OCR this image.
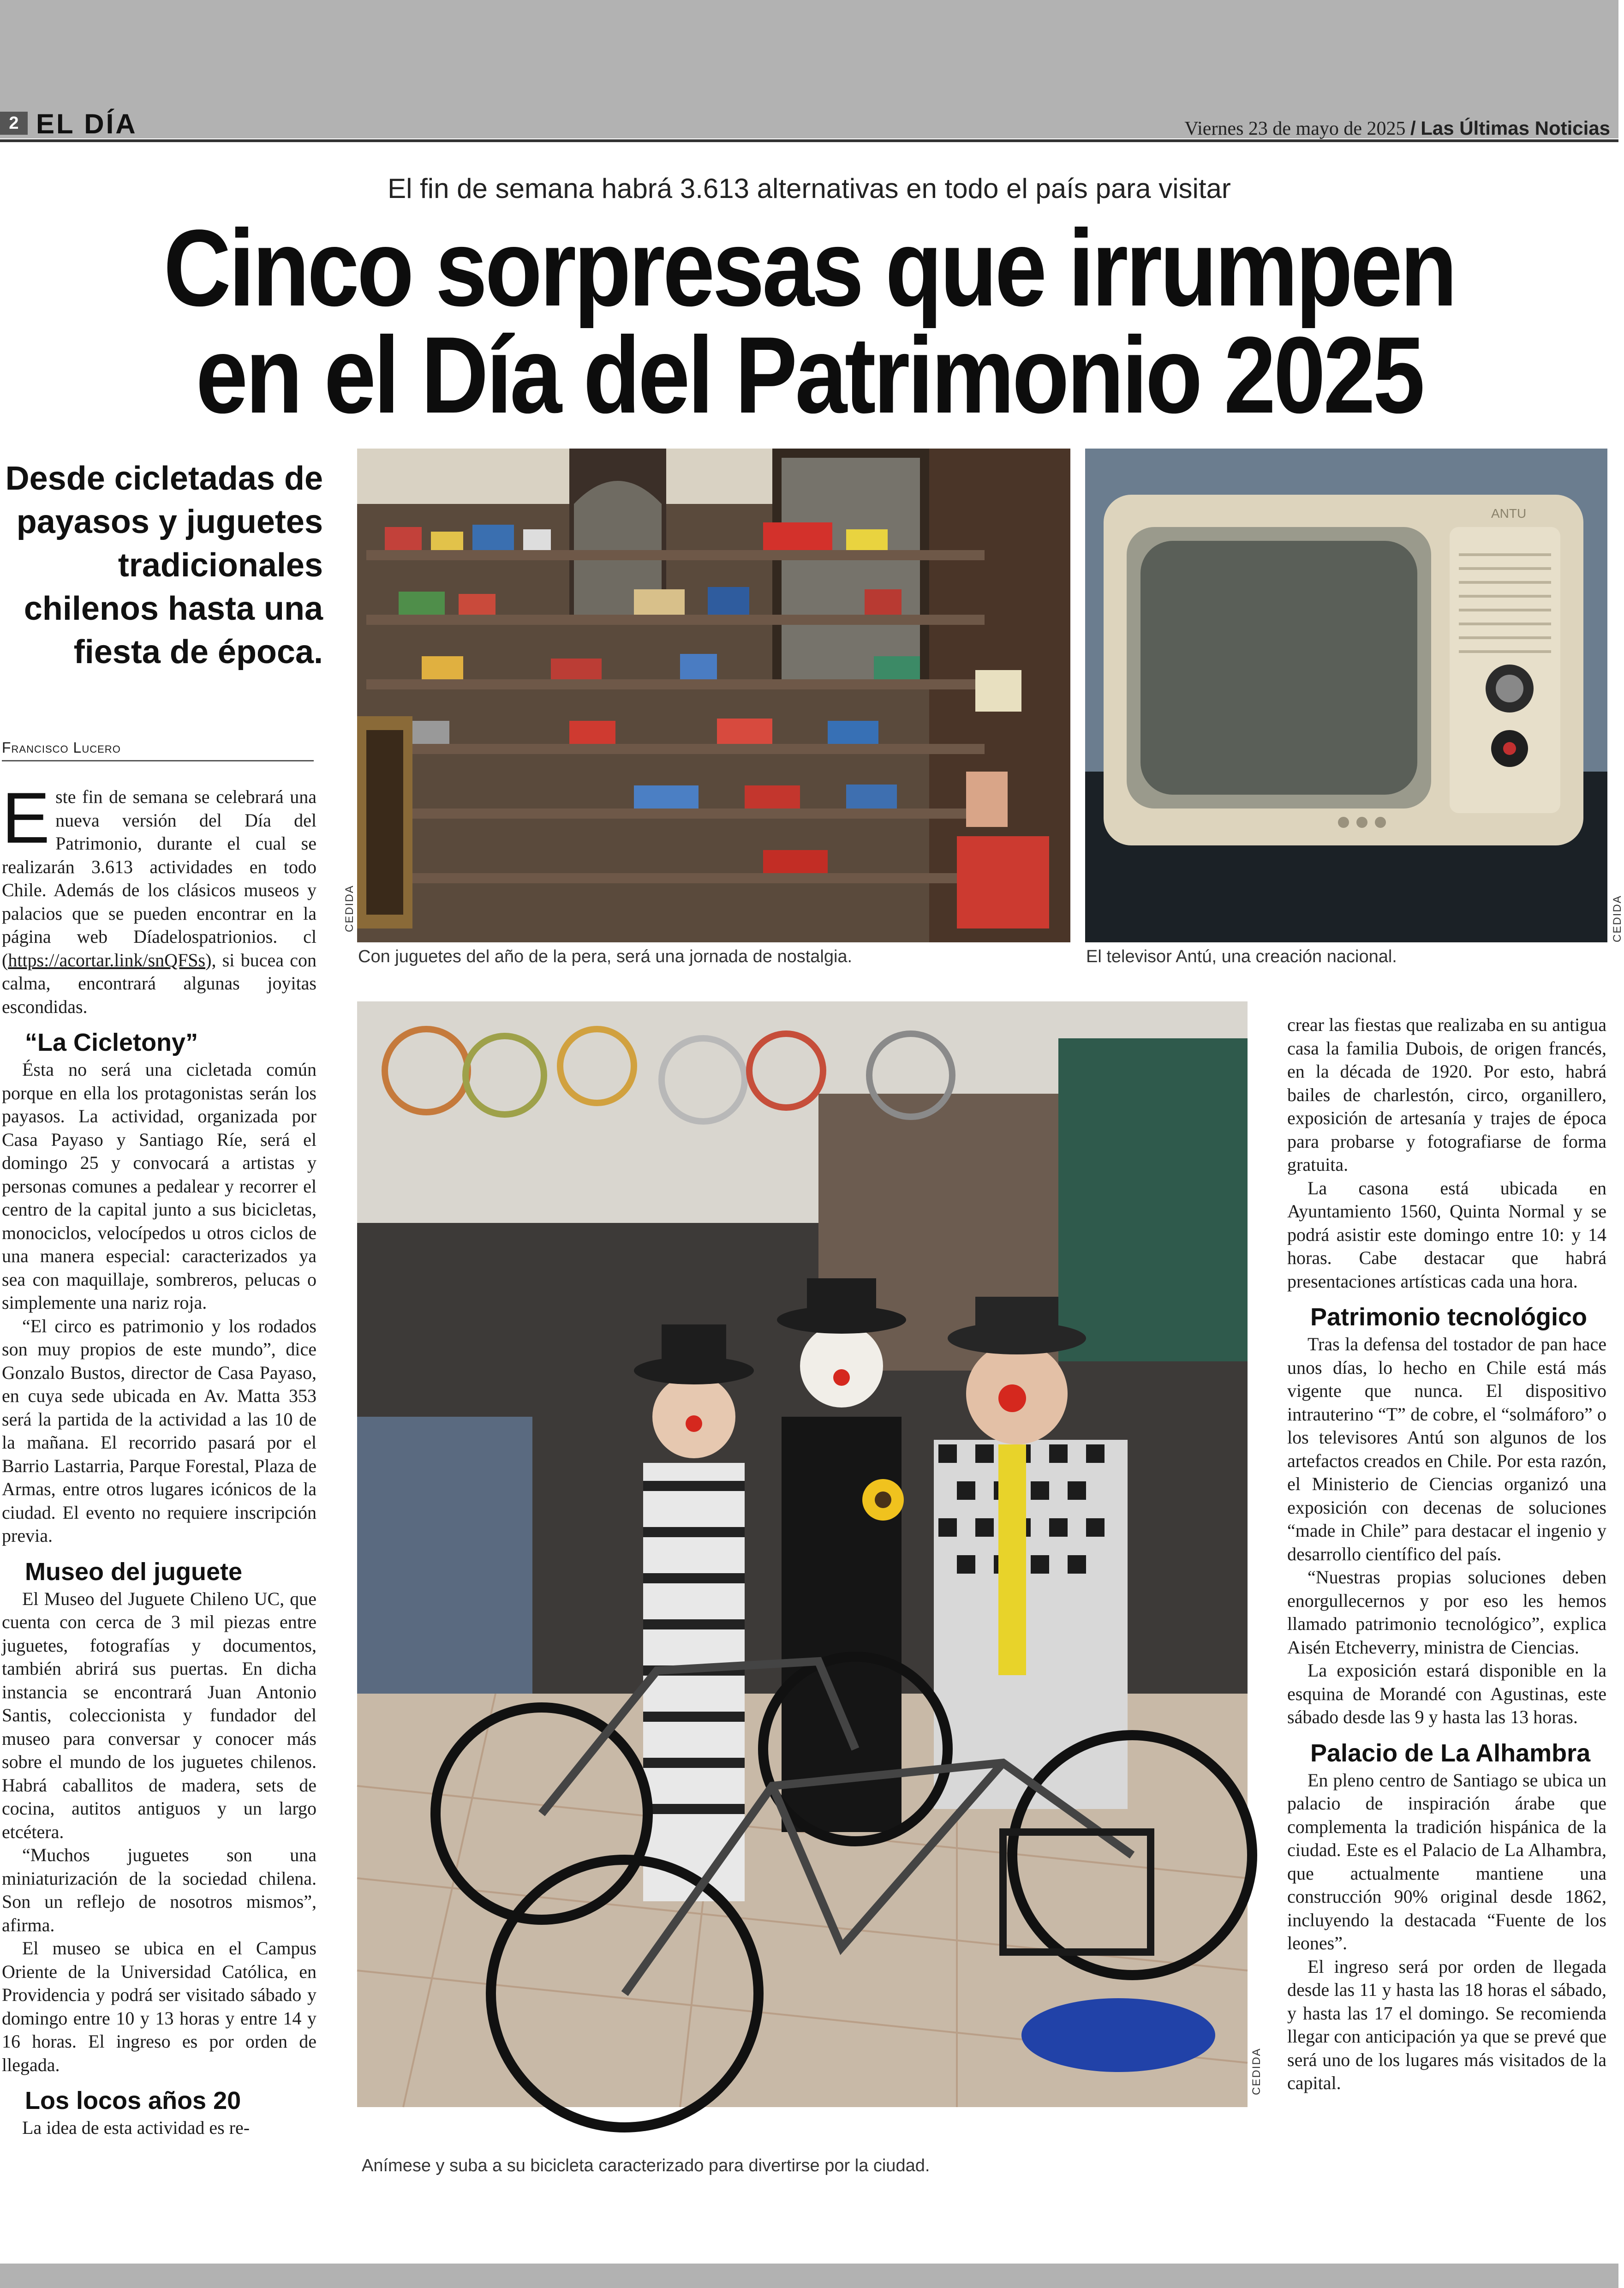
2 EL DÍA	Viernes 23 de mayo de 2025 / Las Últimas Noticias
El fin de semana habrá 3.613 alternativas en todo el país para visitar
Cinco sorpresas que irrumpen
en el Día del Patrimonio 2025
Desde cicletadas de payasos y juguetes tradicionales chilenos hasta una fiesta de época.
Francisco Lucero
CEDIDA
Con juguetes del año de la pera, será una jornada de nostalgia.
ANTU
CEDIDA
El televisor Antú, una creación nacional.
CEDIDA
Anímese y suba a su bicicleta caracterizado para divertirse por la ciudad.

Este fin de semana se celebrará una nueva versión del Día del Patrimonio, durante el cual se realizarán 3.613 actividades en todo Chile. Además de los clásicos museos y palacios que se pueden encontrar en la página web Díadelospatrionios. cl (https://acortar.link/snQFSs), si bucea con calma, encontrará algunas joyitas escondidas.

“La Cicletony”

Ésta no será una cicletada común porque en ella los protagonistas serán los payasos. La actividad, organizada por Casa Payaso y Santiago Ríe, será el domingo 25 y convocará a artistas y personas comunes a pedalear y recorrer el centro de la capital junto a sus bicicletas, monociclos, velocípedos u otros ciclos de una manera especial: caracterizados ya sea con maquillaje, sombreros, pelucas o simplemente una nariz roja.

“El circo es patrimonio y los rodados son muy propios de este mundo”, dice Gonzalo Bustos, director de Casa Payaso, en cuya sede ubicada en Av. Matta 353 será la partida de la actividad a las 10 de la mañana. El recorrido pasará por el Barrio Lastarria, Parque Forestal, Plaza de Armas, entre otros lugares icónicos de la ciudad. El evento no requiere inscripción previa.

Museo del juguete

El Museo del Juguete Chileno UC, que cuenta con cerca de 3 mil piezas entre juguetes, fotografías y documentos, también abrirá sus puertas. En dicha instancia se encontrará Juan Antonio Santis, coleccionista y fundador del museo para conversar y conocer más sobre el mundo de los juguetes chilenos. Habrá caballitos de madera, sets de cocina, autitos antiguos y un largo etcétera.

“Muchos juguetes son una miniaturización de la sociedad chilena. Son un reflejo de nosotros mismos”, afirma.

El museo se ubica en el Campus Oriente de la Universidad Católica, en Providencia y podrá ser visitado sábado y domingo entre 10 y 13 horas y entre 14 y 16 horas. El ingreso es por orden de llegada.

Los locos años 20

La idea de esta actividad es re-

crear las fiestas que realizaba en su antigua casa la familia Dubois, de origen francés, en la década de 1920. Por esto, habrá bailes de charlestón, circo, organillero, exposición de artesanía y trajes de época para probarse y fotografiarse de forma gratuita.

La casona está ubicada en Ayuntamiento 1560, Quinta Normal y se podrá asistir este domingo entre 10: y 14 horas. Cabe destacar que habrá presentaciones artísticas cada una hora.

Patrimonio tecnológico

Tras la defensa del tostador de pan hace unos días, lo hecho en Chile está más vigente que nunca. El dispositivo intrauterino “T” de cobre, el “solmáforo” o los televisores Antú son algunos de los artefactos creados en Chile. Por esta razón, el Ministerio de Ciencias organizó una exposición con decenas de soluciones “made in Chile” para destacar el ingenio y desarrollo científico del país.

“Nuestras propias soluciones deben enorgullecernos y por eso les hemos llamado patrimonio tecnológico”, explica Aisén Etcheverry, ministra de Ciencias.

La exposición estará disponible en la esquina de Morandé con Agustinas, este sábado desde las 9 y hasta las 13 horas.

Palacio de La Alhambra

En pleno centro de Santiago se ubica un palacio de inspiración árabe que complementa la tradición hispánica de la ciudad. Este es el Palacio de La Alhambra, que actualmente mantiene una construcción 90% original desde 1862, incluyendo la destacada “Fuente de los leones”.

El ingreso será por orden de llegada desde las 11 y hasta las 18 horas el sábado, y hasta las 17 el domingo. Se recomienda llegar con anticipación ya que se prevé que será uno de los lugares más visitados de la capital.
